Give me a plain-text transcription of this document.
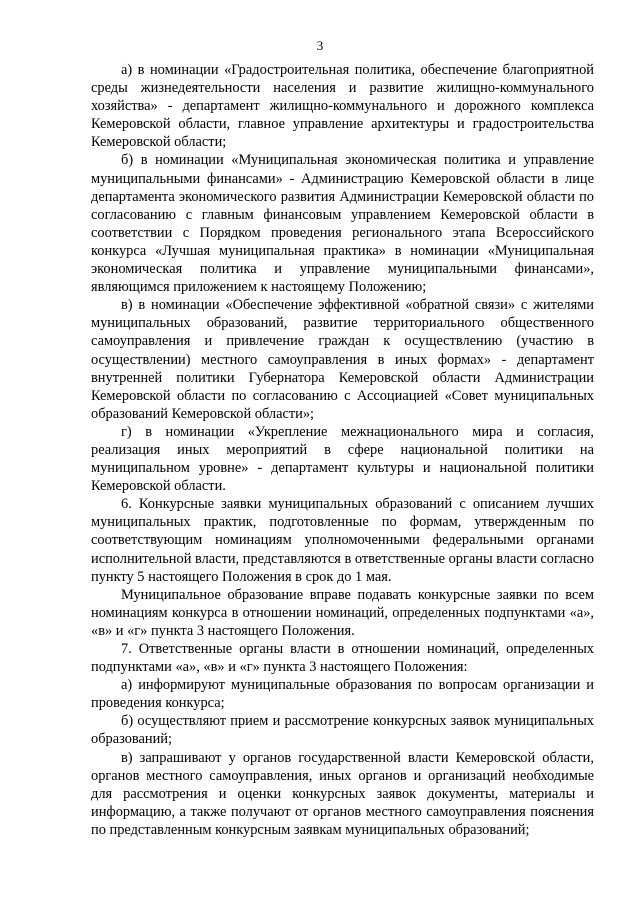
3

а) в номинации «Градостроительная политика, обеспечение благоприятной среды жизнедеятельности населения и развитие жилищно-коммунального хозяйства» - департамент жилищно-коммунального и дорожного комплекса Кемеровской области, главное управление архитектуры и градостроительства Кемеровской области;

б) в номинации «Муниципальная экономическая политика и управление муниципальными финансами» - Администрацию Кемеровской области в лице департамента экономического развития Администрации Кемеровской области по согласованию с главным финансовым управлением Кемеровской области в соответствии с Порядком проведения регионального этапа Всероссийского конкурса «Лучшая муниципальная практика» в номинации «Муниципальная экономическая политика и управление муниципальными финансами», являющимся приложением к настоящему Положению;

в) в номинации «Обеспечение эффективной «обратной связи» с жителями муниципальных образований, развитие территориального общественного самоуправления и привлечение граждан к осуществлению (участию в осуществлении) местного самоуправления в иных формах» - департамент внутренней политики Губернатора Кемеровской области Администрации Кемеровской области по согласованию с Ассоциацией «Совет муниципальных образований Кемеровской области»;

г) в номинации «Укрепление межнационального мира и согласия, реализация иных мероприятий в сфере национальной политики на муниципальном уровне» - департамент культуры и национальной политики Кемеровской области.

6. Конкурсные заявки муниципальных образований с описанием лучших муниципальных практик, подготовленные по формам, утвержденным по соответствующим номинациям уполномоченными федеральными органами исполнительной власти, представляются в ответственные органы власти согласно пункту 5 настоящего Положения в срок до 1 мая.

Муниципальное образование вправе подавать конкурсные заявки по всем номинациям конкурса в отношении номинаций, определенных подпунктами «а», «в» и «г» пункта 3 настоящего Положения.

7. Ответственные органы власти в отношении номинаций, определенных подпунктами «а», «в» и «г» пункта 3 настоящего Положения:

а) информируют муниципальные образования по вопросам организации и проведения конкурса;

б) осуществляют прием и рассмотрение конкурсных заявок муниципальных образований;

в) запрашивают у органов государственной власти Кемеровской области, органов местного самоуправления, иных органов и организаций необходимые для рассмотрения и оценки конкурсных заявок документы, материалы и информацию, а также получают от органов местного самоуправления пояснения по представленным конкурсным заявкам муниципальных образований;
